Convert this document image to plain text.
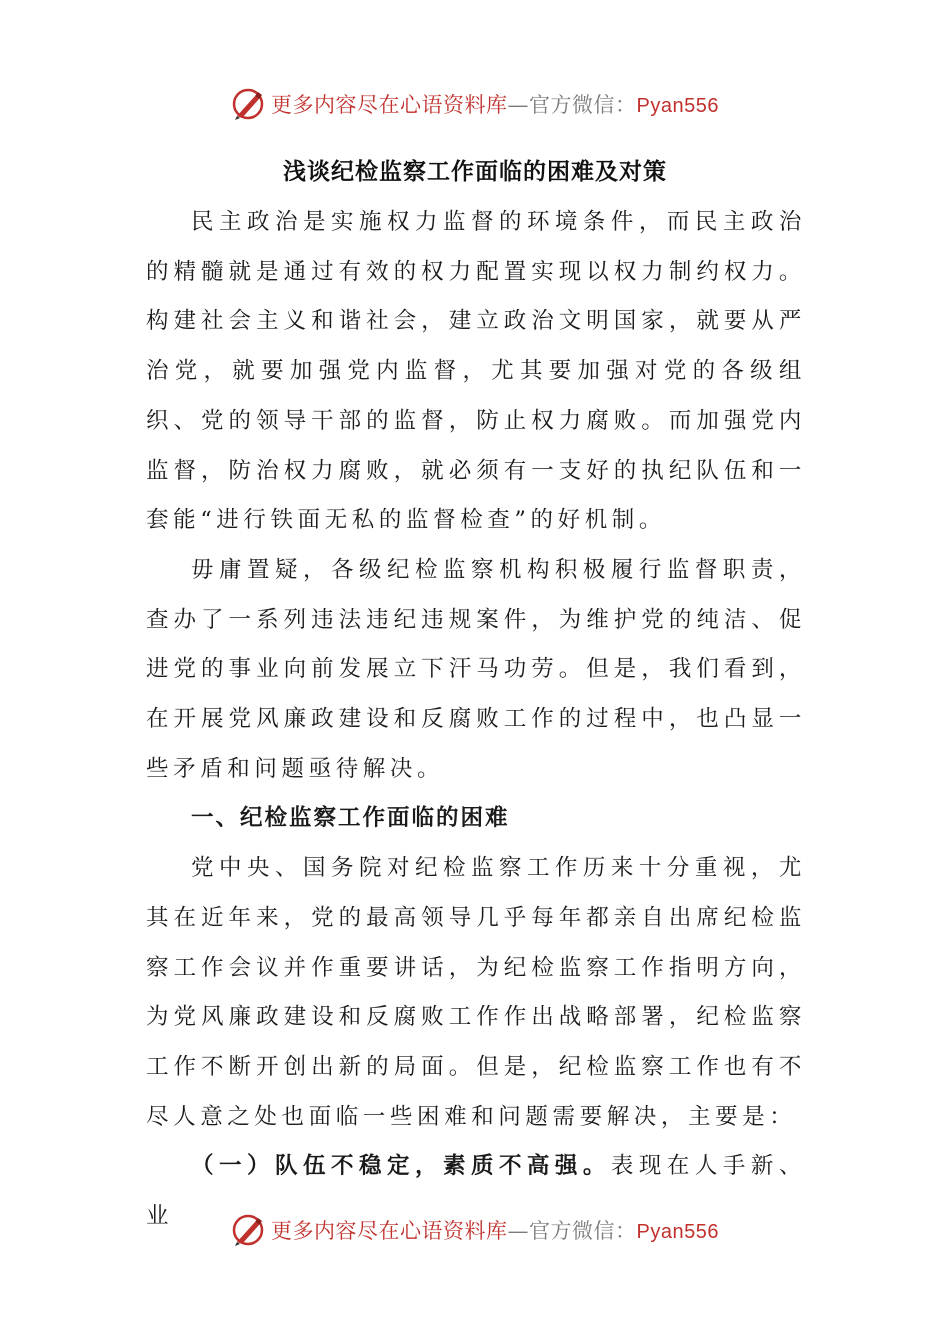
更多内容尽在心语资料库 — 官方微信： Pyan556
浅谈纪检监察工作面临的困难及对策

民主政治是实施权力监督的环境条件，而民主政治的精髓就是通过有效的权力配置实现以权力制约权力。构建社会主义和谐社会，建立政治文明国家，就要从严治党，就要加强党内监督，尤其要加强对党的各级组织、党的领导干部的监督，防止权力腐败。而加强党内监督，防治权力腐败，就必须有一支好的执纪队伍和一套能“进行铁面无私的监督检查”的好机制。

毋庸置疑，各级纪检监察机构积极履行监督职责，查办了一系列违法违纪违规案件，为维护党的纯洁、促进党的事业向前发展立下汗马功劳。但是，我们看到，在开展党风廉政建设和反腐败工作的过程中，也凸显一些矛盾和问题亟待解决。

一、纪检监察工作面临的困难

党中央、国务院对纪检监察工作历来十分重视，尤其在近年来，党的最高领导几乎每年都亲自出席纪检监察工作会议并作重要讲话，为纪检监察工作指明方向，为党风廉政建设和反腐败工作作出战略部署，纪检监察工作不断开创出新的局面。但是，纪检监察工作也有不尽人意之处也面临一些困难和问题需要解决，主要是：

（一）队伍不稳定，素质不高强。表现在人手新、业

更多内容尽在心语资料库 — 官方微信： Pyan556
